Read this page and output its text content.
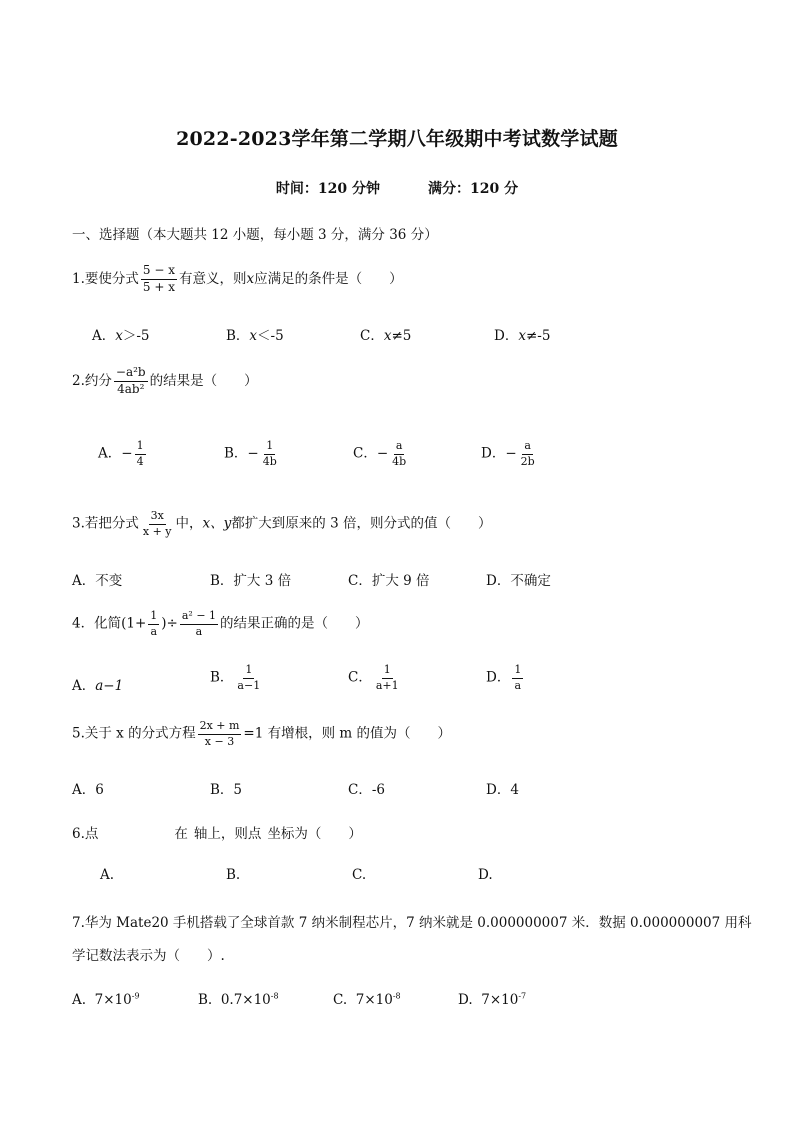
2022-2023学年第二学期八年级期中考试数学试题
时间：120 分钟	满分：120 分
一、选择题（本大题共 12 小题，每小题 3 分，满分 36 分）
1.要使分式 $\frac{5 - x}{5 + x}$ 有意义，则x应满足的条件是（　　）
A．x＞-5	B．x＜-5	C．x≠5	D．x≠-5
2.约分 $\frac{\text{−a²b}}{\text{4ab²}}$ 的结果是（　　）
A．− $\frac{1}{4}$	B．− $\frac{1}{4b}$	C．− $\frac{a}{4b}$	D．− $\frac{a}{2b}$
3.若把分式 $\frac{3x}{x + y}$ 中，x、y都扩大到原来的 3 倍，则分式的值（　　）
A．不变	B．扩大 3 倍	C．扩大 9 倍	D．不确定
4．化简($1+ \frac{1}{a}$ )÷ $\frac{\text{a² − 1}}{a}$ 的结果正确的是（　　）
A．a−1
B． $\frac{1}{a-1}$	C． $\frac{1}{a+1}$	D． $\frac{1}{a}$
5.关于 x 的分式方程 $\frac{2x + m}{x - 3} =1$ 有增根，则 m 的值为（　　）
A．6	B．5	C．-6	D．4
6.点	在 轴上，则点 坐标为（　　）
A.	B.	C.	D.
7.华为 Mate20 手机搭载了全球首款 7 纳米制程芯片，7 纳米就是 0.000000007 米．数据 0.000000007 用科
学记数法表示为（　　）.
A. $7\times 10^{-9}$	B. $0.7\times 10^{-8}$	C. $7\times 10^{-8}$	D. $7\times 10^{-7}$
